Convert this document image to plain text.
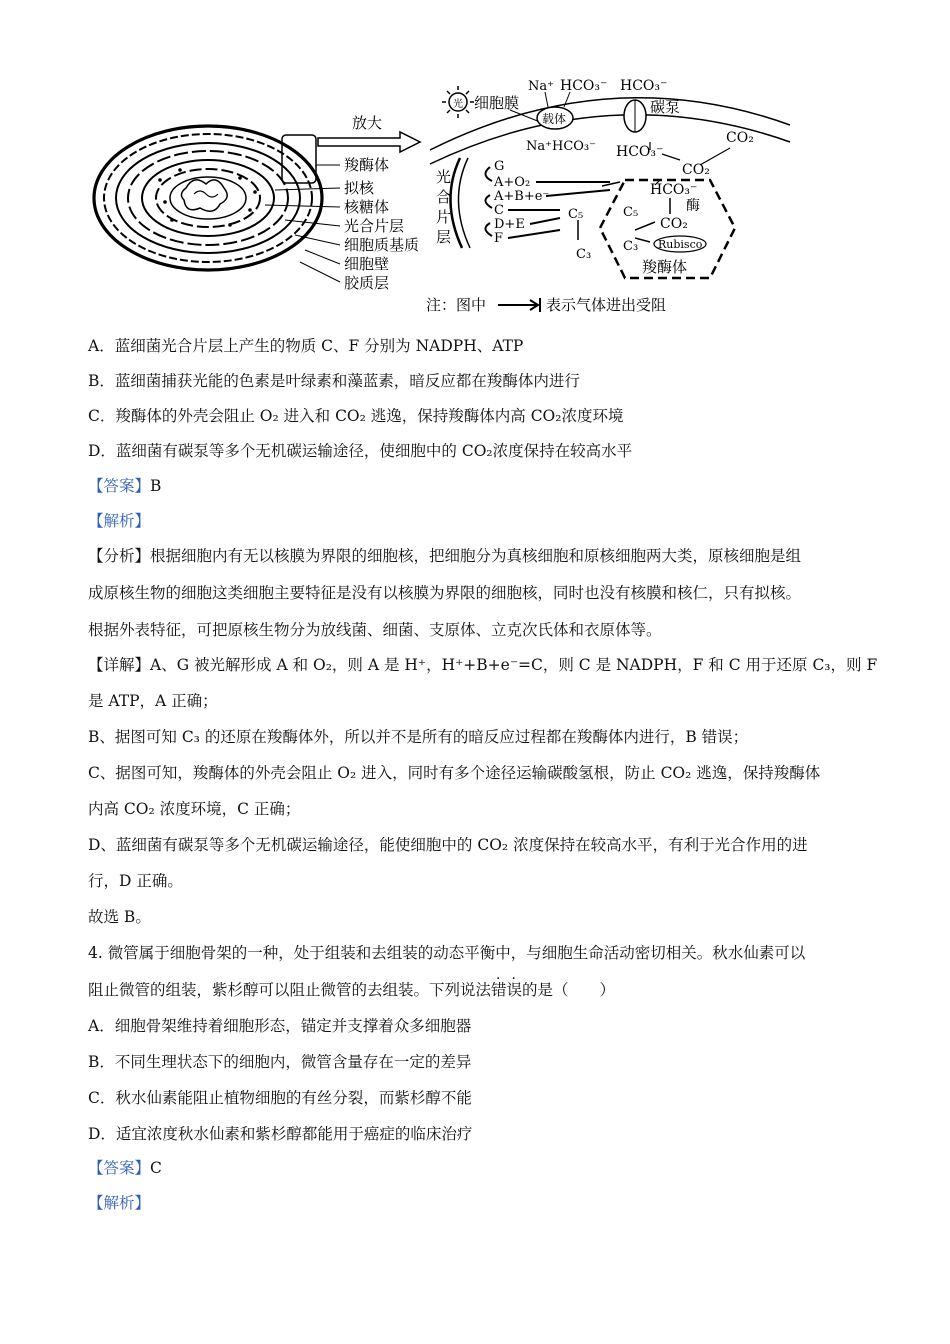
放大
羧酶体
拟核
核糖体
光合片层
细胞质基质
细胞壁
胶质层
光 细胞膜
Na⁺ HCO₃⁻
载体
Na⁺HCO₃⁻
HCO₃⁻
碳泵
HCO₃⁻
CO₂
CO₂
光
合
片
层
G
A+O₂
A+B+e⁻
C
D+E
F
C₅
C₃
HCO₃⁻
酶
CO₂
C₅
C₃ Rubisco
羧酶体
注：图中	表示气体进出受阻
A．蓝细菌光合片层上产生的物质 C、F 分别为 NADPH、ATP
B．蓝细菌捕获光能的色素是叶绿素和藻蓝素，暗反应都在羧酶体内进行
C．羧酶体的外壳会阻止 O₂ 进入和 CO₂ 逃逸，保持羧酶体内高 CO₂浓度环境
D．蓝细菌有碳泵等多个无机碳运输途径，使细胞中的 CO₂浓度保持在较高水平
【答案】B
【解析】
【分析】根据细胞内有无以核膜为界限的细胞核，把细胞分为真核细胞和原核细胞两大类，原核细胞是组
成原核生物的细胞这类细胞主要特征是没有以核膜为界限的细胞核，同时也没有核膜和核仁，只有拟核。
根据外表特征，可把原核生物分为放线菌、细菌、支原体、立克次氏体和衣原体等。
【详解】A、G 被光解形成 A 和 O₂，则 A 是 H⁺，H⁺+B+e⁻=C，则 C 是 NADPH，F 和 C 用于还原 C₃，则 F
是 ATP，A 正确；
B、据图可知 C₃ 的还原在羧酶体外，所以并不是所有的暗反应过程都在羧酶体内进行，B 错误；
C、据图可知，羧酶体的外壳会阻止 O₂ 进入，同时有多个途径运输碳酸氢根，防止 CO₂ 逃逸，保持羧酶体
内高 CO₂ 浓度环境，C 正确；
D、蓝细菌有碳泵等多个无机碳运输途径，能使细胞中的 CO₂ 浓度保持在较高水平，有利于光合作用的进
行，D 正确。
故选 B。
4. 微管属于细胞骨架的一种，处于组装和去组装的动态平衡中，与细胞生命活动密切相关。秋水仙素可以
阻止微管的组装，紫杉醇可以阻止微管的去组装。下列说法错误的是（　　）
A．细胞骨架维持着细胞形态，锚定并支撑着众多细胞器
B．不同生理状态下的细胞内，微管含量存在一定的差异
C．秋水仙素能阻止植物细胞的有丝分裂，而紫杉醇不能
D．适宜浓度秋水仙素和紫杉醇都能用于癌症的临床治疗
【答案】C
【解析】
